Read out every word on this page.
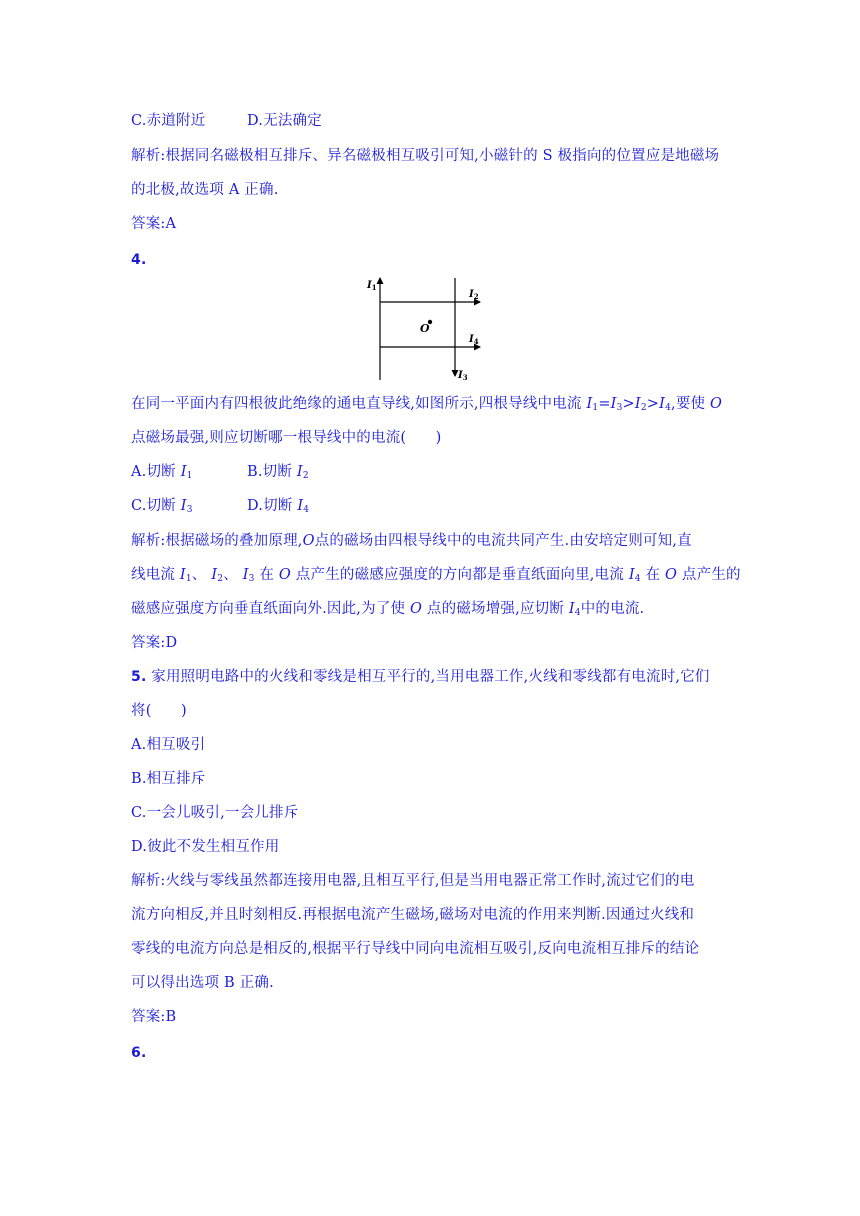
C.赤道附近	D.无法确定
解析:根据同名磁极相互排斥、异名磁极相互吸引可知,小磁针的 S 极指向的位置应是地磁场
的北极,故选项 A 正确.
答案:A
4.
$I_1$
$I_2$
$I_3$
$I_4$
O
在同一平面内有四根彼此绝缘的通电直导线,如图所示,四根导线中电流 $I_1=I_3>I_2>I_4$,要使 O
点磁场最强,则应切断哪一根导线中的电流(　　)
A.切断 $I_1$	B.切断 $I_2$
C.切断 $I_3$	D.切断 $I_4$
解析:根据磁场的叠加原理,O点的磁场由四根导线中的电流共同产生.由安培定则可知,直
线电流 $I_1$、 $I_2$、 $I_3$ 在 O 点产生的磁感应强度的方向都是垂直纸面向里,电流 $I_4$ 在 O 点产生的
磁感应强度方向垂直纸面向外.因此,为了使 O 点的磁场增强,应切断 $I_4$中的电流.
答案:D
5. 家用照明电路中的火线和零线是相互平行的,当用电器工作,火线和零线都有电流时,它们
将(　　)
A.相互吸引
B.相互排斥
C.一会儿吸引,一会儿排斥
D.彼此不发生相互作用
解析:火线与零线虽然都连接用电器,且相互平行,但是当用电器正常工作时,流过它们的电
流方向相反,并且时刻相反.再根据电流产生磁场,磁场对电流的作用来判断.因通过火线和
零线的电流方向总是相反的,根据平行导线中同向电流相互吸引,反向电流相互排斥的结论
可以得出选项 B 正确.
答案:B
6.
